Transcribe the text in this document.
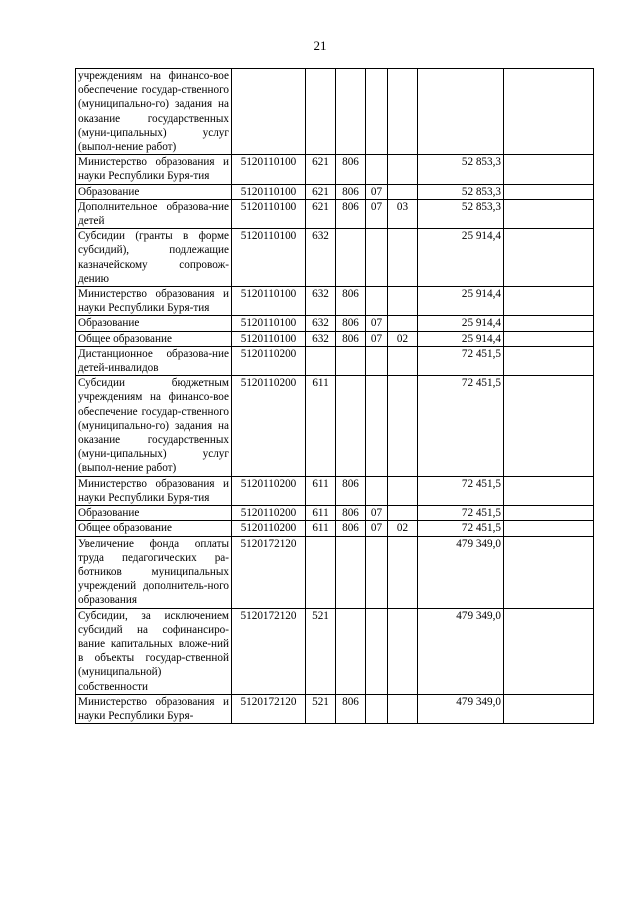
21
учреждениям на финансо-вое обеспечение государ-ственного (муниципально-го) задания на оказание государственных (муни-ципальных) услуг (выпол-нение работ)							
Министерство образования и науки Республики Буря-тия	5120110100	621	806			52 853,3	
Образование	5120110100	621	806	07		52 853,3	
Дополнительное образова-ние детей	5120110100	621	806	07	03	52 853,3	
Субсидии (гранты в форме субсидий), подлежащие казначейскому сопровож-дению	5120110100	632				25 914,4	
Министерство образования и науки Республики Буря-тия	5120110100	632	806			25 914,4	
Образование	5120110100	632	806	07		25 914,4	
Общее образование	5120110100	632	806	07	02	25 914,4	
Дистанционное образова-ние детей-инвалидов	5120110200					72 451,5	
Субсидии бюджетным учреждениям на финансо-вое обеспечение государ-ственного (муниципально-го) задания на оказание государственных (муни-ципальных) услуг (выпол-нение работ)	5120110200	611				72 451,5	
Министерство образования и науки Республики Буря-тия	5120110200	611	806			72 451,5	
Образование	5120110200	611	806	07		72 451,5	
Общее образование	5120110200	611	806	07	02	72 451,5	
Увеличение фонда оплаты труда педагогических ра-ботников муниципальных учреждений дополнитель-ного образования	5120172120					479 349,0	
Субсидии, за исключением субсидий на софинансиро-вание капитальных вложе-ний в объекты государ-ственной (муниципальной) собственности	5120172120	521				479 349,0	
Министерство образования и науки Республики Буря-	5120172120	521	806			479 349,0	
